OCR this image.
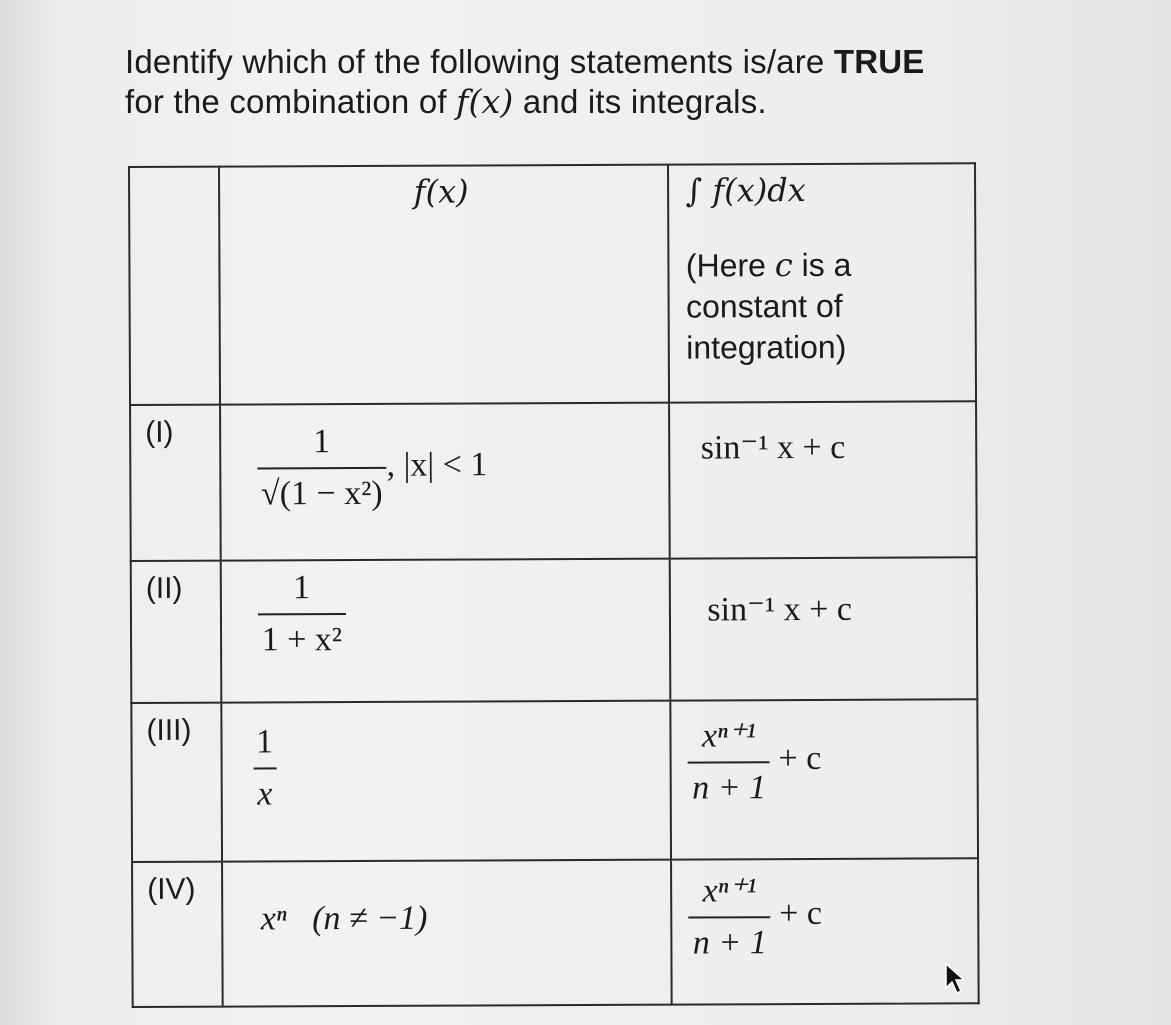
Identify which of the following statements is/are TRUE
for the combination of f(x) and its integrals.

	f(x)	∫ f(x)dx
(Here c is a constant of integration)

(I)	$\frac{1}{\text{√(1 − x²)}}$ , |x| < 1	sin⁻¹ x + c

(II)	$\frac{1}{\text{1 + x²}}$	sin⁻¹ x + c

(III)	$\frac{1}{x}$	$\frac{\text{xⁿ⁺¹}}{n + 1} + c$

(IV)	xⁿ   (n ≠ −1)	$\frac{\text{xⁿ⁺¹}}{n + 1} + c$
